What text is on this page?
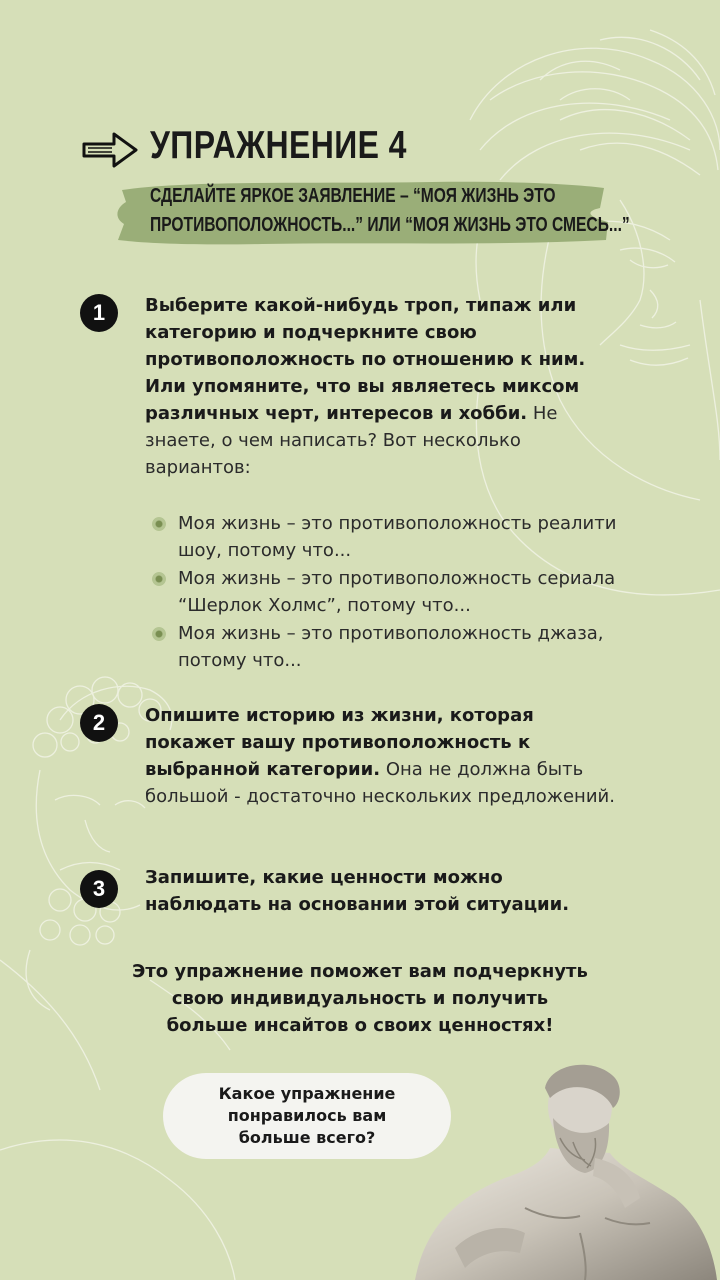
УПРАЖНЕНИЕ 4
СДЕЛАЙТЕ ЯРКОЕ ЗАЯВЛЕНИЕ – “МОЯ ЖИЗНЬ ЭТО
ПРОТИВОПОЛОЖНОСТЬ...” ИЛИ “МОЯ ЖИЗНЬ ЭТО СМЕСЬ...”
1	Выберите какой-нибудь троп, типаж или категорию и подчеркните свою противоположность по отношению к ним. Или упомяните, что вы являетесь миксом различных черт, интересов и хобби. Не знаете, о чем написать? Вот несколько вариантов:
Моя жизнь – это противоположность реалити шоу, потому что...
Моя жизнь – это противоположность сериала “Шерлок Холмс”, потому что...
Моя жизнь – это противоположность джаза, потому что...
2	Опишите историю из жизни, которая покажет вашу противоположность к выбранной категории. Она не должна быть большой - достаточно нескольких предложений.
3	Запишите, какие ценности можно наблюдать на основании этой ситуации.
Это упражнение поможет вам подчеркнуть
свою индивидуальность и получить
больше инсайтов о своих ценностях!
Какое упражнение
понравилось вам
больше всего?
